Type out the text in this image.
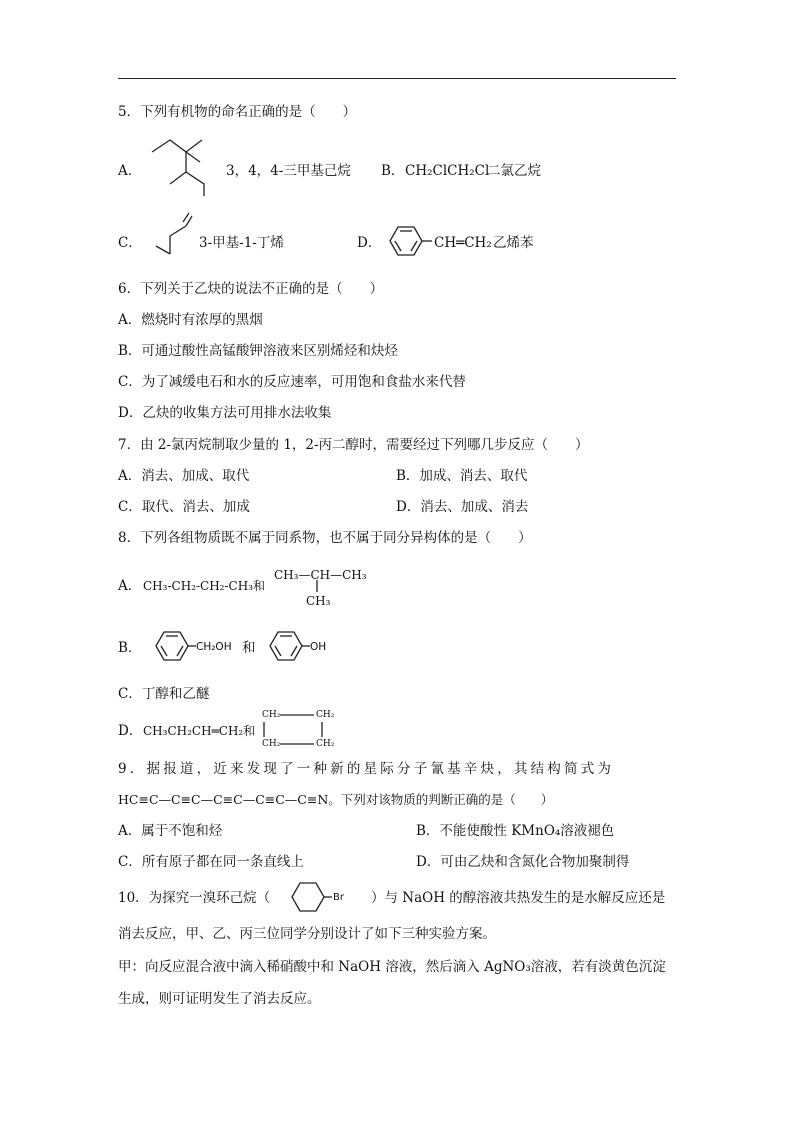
5．下列有机物的命名正确的是（　　）
A．	3，4，4-三甲基己烷 B． CH₂ClCH₂Cl
二氯乙烷
C．	3-甲基-1-丁烯	D．	CH═CH₂ 乙烯苯
6．下列关于乙炔的说法不正确的是（　　）
A．燃烧时有浓厚的黑烟
B．可通过酸性高锰酸钾溶液来区别烯烃和炔烃
C．为了减缓电石和水的反应速率，可用饱和食盐水来代替
D．乙炔的收集方法可用排水法收集
7．由 2-氯丙烷制取少量的 1，2-丙二醇时，需要经过下列哪几步反应（　　）
A．消去、加成、取代	B．加成、消去、取代
C．取代、消去、加成	D．消去、加成、消去
8．下列各组物质既不属于同系物，也不属于同分异构体的是（　　）
A． CH₃-CH₂-CH₂-CH₃和
CH₃—CH—CH₃
CH₃
B．	CH₂OH 和	OH
C．丁醇和乙醚
D． CH₃CH₂CH═CH₂和
CH₂	CH₂
CH₂	CH₂
9．据报道，近来发现了一种新的星际分子氰基辛炔，其结构简式为
HC≡C—C≡C—C≡C—C≡C—C≡N。下列对该物质的判断正确的是（　　）
A．属于不饱和烃	B．不能使酸性 KMnO₄溶液褪色
C．所有原子都在同一条直线上	D．可由乙炔和含氮化合物加聚制得
10．为探究一溴环己烷（	Br ）与 NaOH 的醇溶液共热发生的是水解反应还是
消去反应，甲、乙、丙三位同学分别设计了如下三种实验方案。
甲：向反应混合液中滴入稀硝酸中和 NaOH 溶液，然后滴入 AgNO₃溶液，若有淡黄色沉淀
生成，则可证明发生了消去反应。
